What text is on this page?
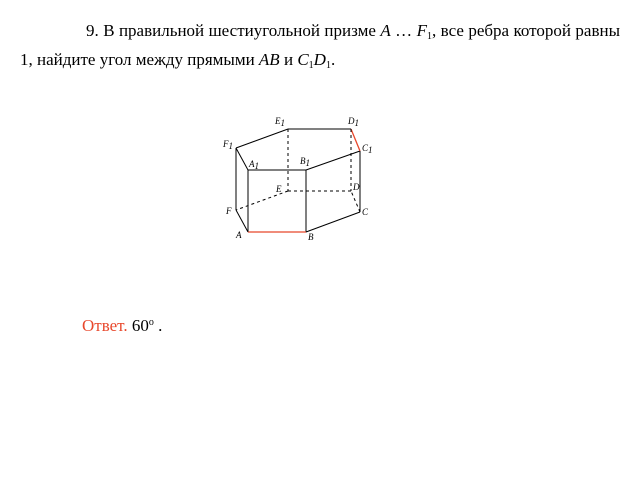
9. В правильной шестиугольной призме A … $F_1$, все ребра которой равны 1, найдите угол между прямыми AB и $C_1D_1$.
E1	D1
F1	C1
A1	B1
E	D
F	C
A	B
Ответ. 60$^o$ .
